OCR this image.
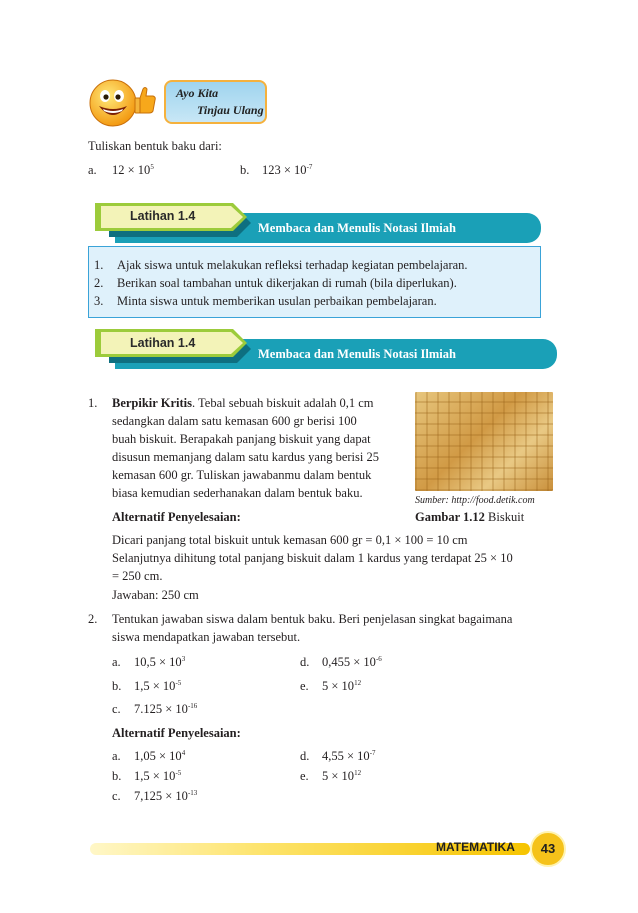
Ayo Kita
Tinjau Ulang
Tuliskan bentuk baku dari:
a. $12 \times 10^5$	b. $123 \times 10^{-7}$
Membaca dan Menulis Notasi Ilmiah
Latihan 1.4
1. Ajak siswa untuk melakukan refleksi terhadap kegiatan pembelajaran.
2. Berikan soal tambahan untuk dikerjakan di rumah (bila diperlukan).
3. Minta siswa untuk memberikan usulan perbaikan pembelajaran.
Membaca dan Menulis Notasi Ilmiah
Latihan 1.4
1. Berpikir Kritis. Tebal sebuah biskuit adalah 0,1 cm
sedangkan dalam satu kemasan 600 gr berisi 100
buah biskuit. Berapakah panjang biskuit yang dapat
disusun memanjang dalam satu kardus yang berisi 25
kemasan 600 gr. Tuliskan jawabanmu dalam bentuk
biasa kemudian sederhanakan dalam bentuk baku.
Sumber: http://food.detik.com
Gambar 1.12 Biskuit
Alternatif Penyelesaian:
Dicari panjang total biskuit untuk kemasan 600 gr = 0,1 × 100 = 10 cm
Selanjutnya dihitung total panjang biskuit dalam 1 kardus yang terdapat 25 × 10
= 250 cm.
Jawaban: 250 cm
2. Tentukan jawaban siswa dalam bentuk baku. Beri penjelasan singkat bagaimana
siswa mendapatkan jawaban tersebut.
a. $10,5 \times 10^3$	d. $0,455 \times 10^{-6}$
b. $1,5 \times 10^{-5}$	e. $5 \times 10^{12}$
c. $7.125 \times 10^{-16}$
Alternatif Penyelesaian:
a. $1,05 \times 10^4$	d. $4,55 \times 10^{-7}$
b. $1,5 \times 10^{-5}$	e. $5 \times 10^{12}$
c. $7,125 \times 10^{-13}$
MATEMATIKA	43
